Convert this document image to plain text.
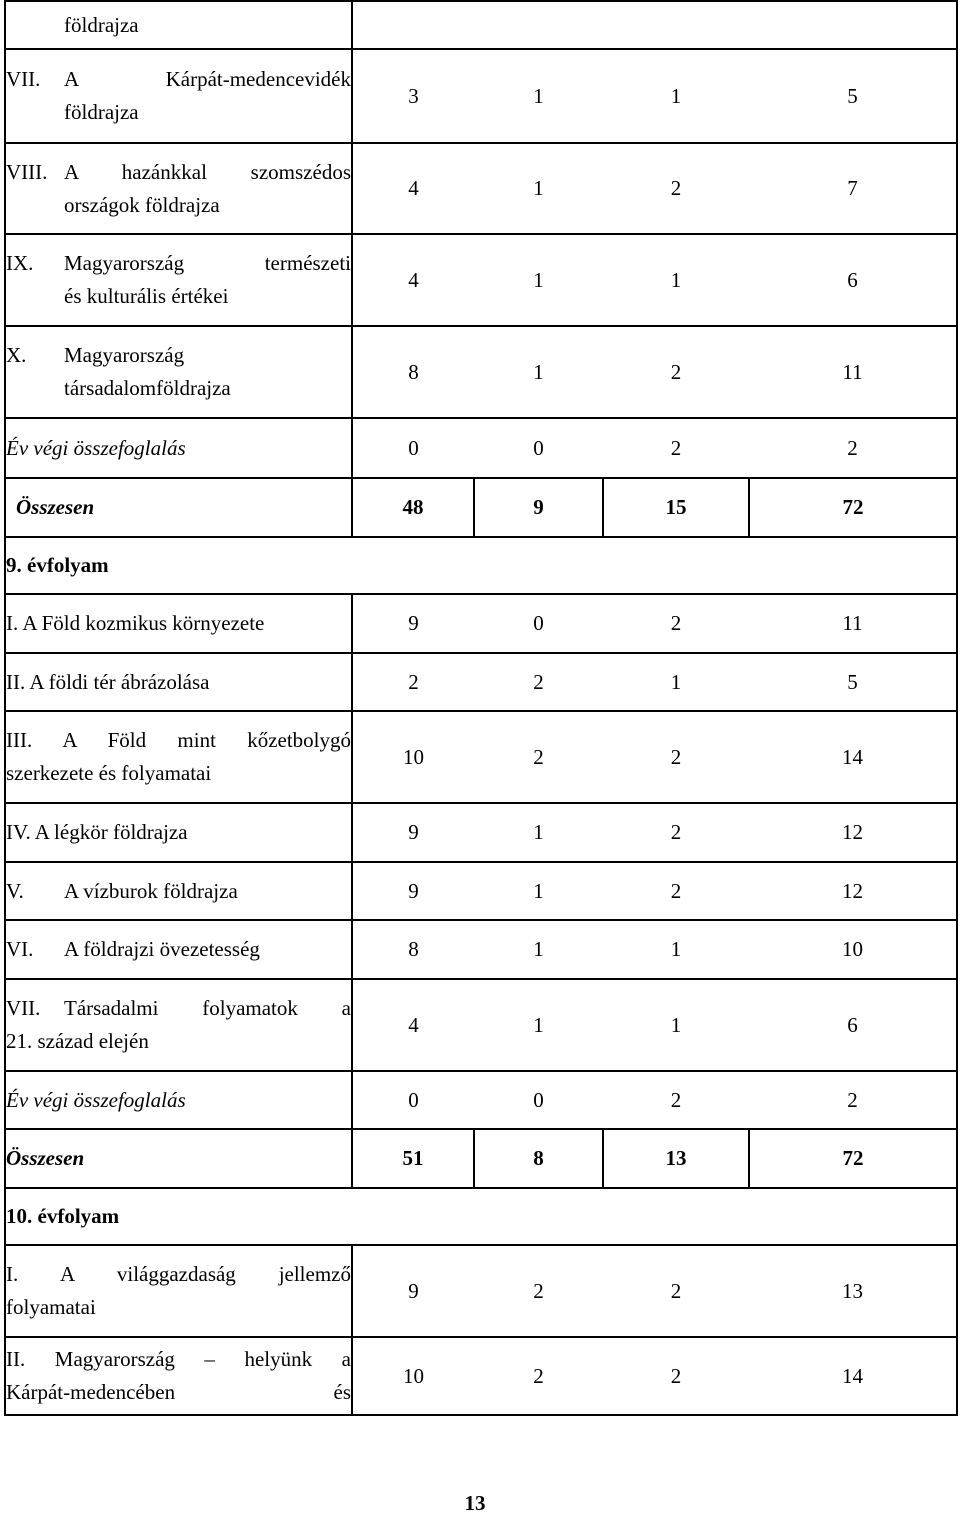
földrajza				

VII. A Kárpát-medencevidék
földrajza	3	1	1	5

VIII. A hazánkkal szomszédos
országok földrajza	4	1	2	7

IX. Magyarország természeti
és kulturális értékei	4	1	1	6

X. Magyarország
társadalomföldrajza	8	1	2	11
Év végi összefoglalás	0	0	2	2
Összesen	48	9	15	72
9. évfolyam				

I. A Föld kozmikus környezete	9	0	2	11

II. A földi tér ábrázolása	2	2	1	5

III. A Föld mint kőzetbolygó
szerkezete és folyamatai	10	2	2	14

IV. A légkör földrajza	9	1	2	12

V. A vízburok földrajza	9	1	2	12

VI. A földrajzi övezetesség	8	1	1	10

VII. Társadalmi folyamatok a
21. század elején	4	1	1	6
Év végi összefoglalás	0	0	2	2
Összesen	51	8	13	72
10. évfolyam				

I. A világgazdaság jellemző
folyamatai	9	2	2	13

II. Magyarország – helyünk a
Kárpát-medencében és	10	2	2	14
13
